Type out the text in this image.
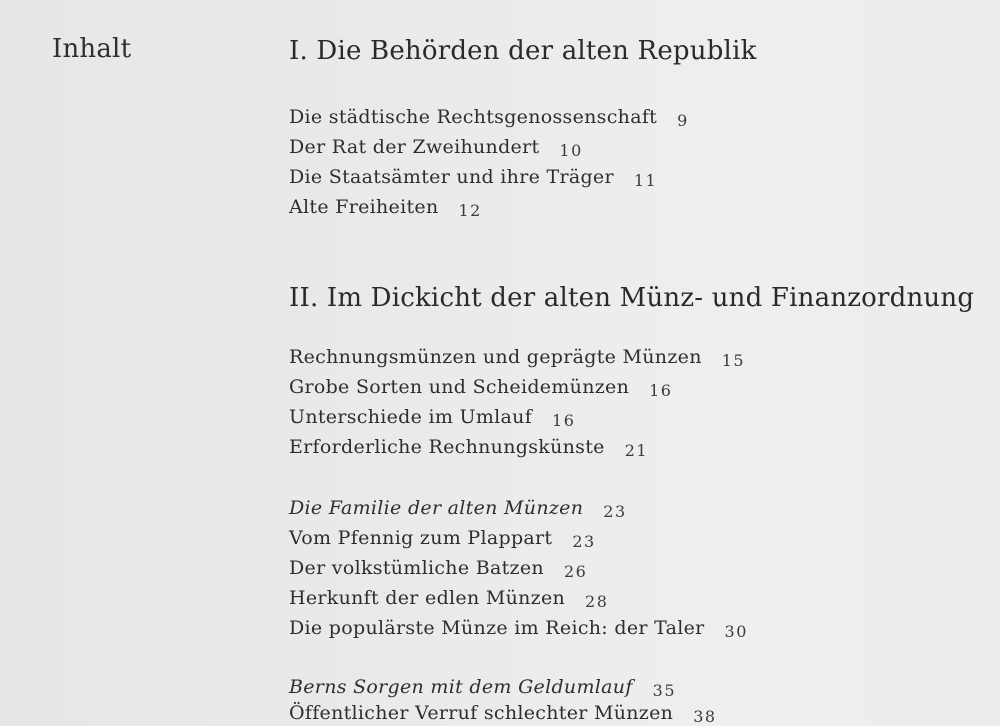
Inhalt	I. Die Behörden der alten Republik
Die städtische Rechtsgenossenschaft 9
Der Rat der Zweihundert 10
Die Staatsämter und ihre Träger 11
Alte Freiheiten 12
II. Im Dickicht der alten Münz- und Finanzordnung
Rechnungsmünzen und geprägte Münzen 15
Grobe Sorten und Scheidemünzen 16
Unterschiede im Umlauf 16
Erforderliche Rechnungskünste 21
Die Familie der alten Münzen 23
Vom Pfennig zum Plappart 23
Der volkstümliche Batzen 26
Herkunft der edlen Münzen 28
Die populärste Münze im Reich: der Taler 30
Berns Sorgen mit dem Geldumlauf 35
Öffentlicher Verruf schlechter Münzen 38
